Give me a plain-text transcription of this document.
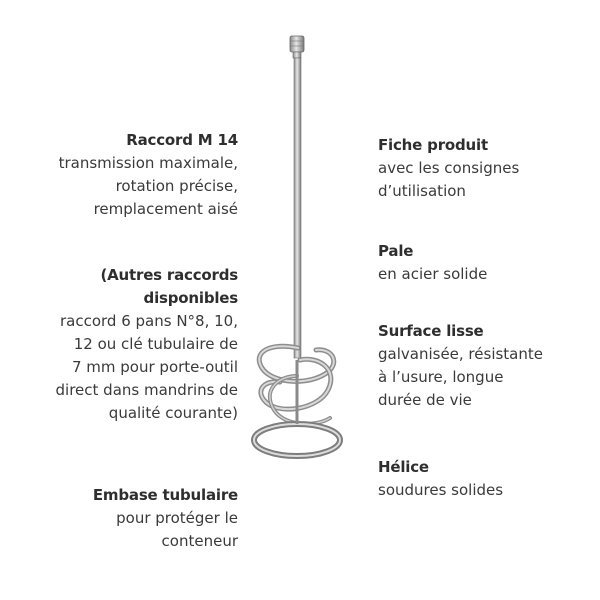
Raccord M 14
transmission maximale,
rotation précise,
remplacement aisé
(Autres raccords
disponibles
raccord 6 pans N°8, 10,
12 ou clé tubulaire de
7 mm pour porte-outil
direct dans mandrins de
qualité courante)
Embase tubulaire
pour protéger le
conteneur
Fiche produit
avec les consignes
d’utilisation
Pale
en acier solide
Surface lisse
galvanisée, résistante
à l’usure, longue
durée de vie
Hélice
soudures solides
